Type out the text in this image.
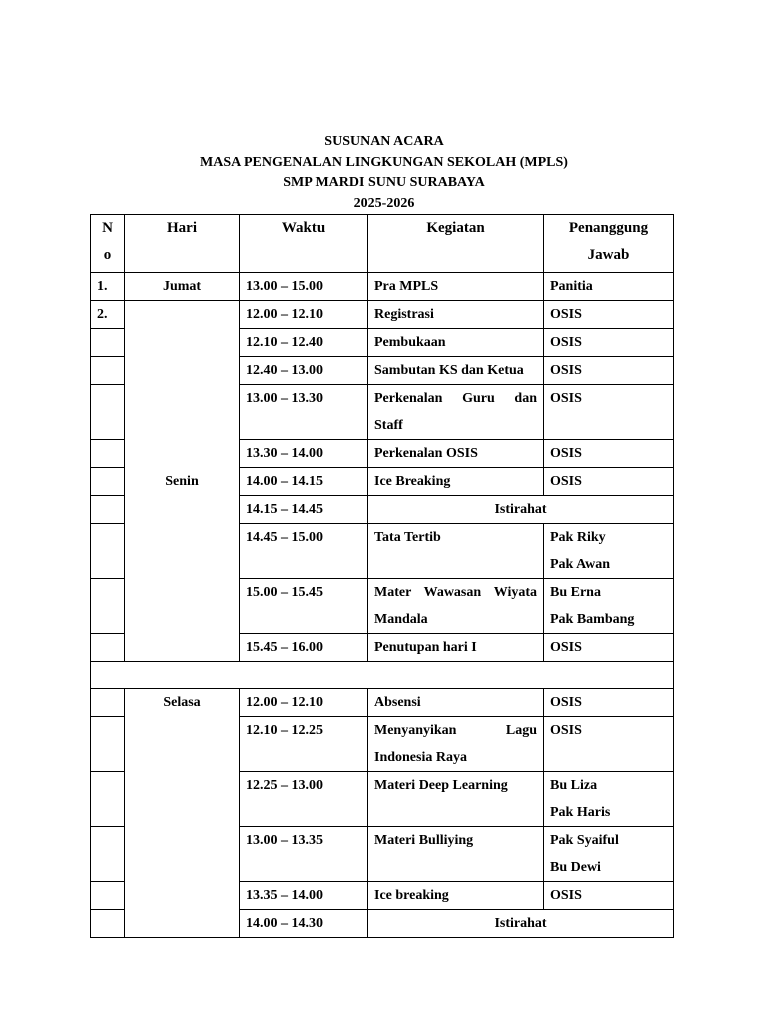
SUSUNAN ACARA
MASA PENGENALAN LINGKUNGAN SEKOLAH (MPLS)
SMP MARDI SUNU SURABAYA
2025-2026
N
o	Hari	Waktu	Kegiatan	Penanggung
Jawab

1.	Jumat	13.00 – 15.00	Pra MPLS	Panitia
2.	Senin	12.00 – 12.10	Registrasi	OSIS
		12.10 – 12.40	Pembukaan	OSIS
		12.40 – 13.00	Sambutan KS dan Ketua	OSIS
		13.00 – 13.30	Perkenalan Guru dan
Staff	OSIS
		13.30 – 14.00	Perkenalan OSIS	OSIS
		14.00 – 14.15	Ice Breaking	OSIS
		14.15 – 14.45	Istirahat	
		14.45 – 15.00	Tata Tertib	Pak Riky
Pak Awan

		15.00 – 15.45	Mater Wawasan Wiyata
Mandala	Bu Erna
Pak Bambang

		15.45 – 16.00	Penutupan hari I	OSIS

	Selasa	12.00 – 12.10	Absensi	OSIS
		12.10 – 12.25	Menyanyikan Lagu
Indonesia Raya	OSIS
		12.25 – 13.00	Materi Deep Learning	Bu Liza
Pak Haris

		13.00 – 13.35	Materi Bulliying	Pak Syaiful
Bu Dewi

		13.35 – 14.00	Ice breaking	OSIS
		14.00 – 14.30	Istirahat	
